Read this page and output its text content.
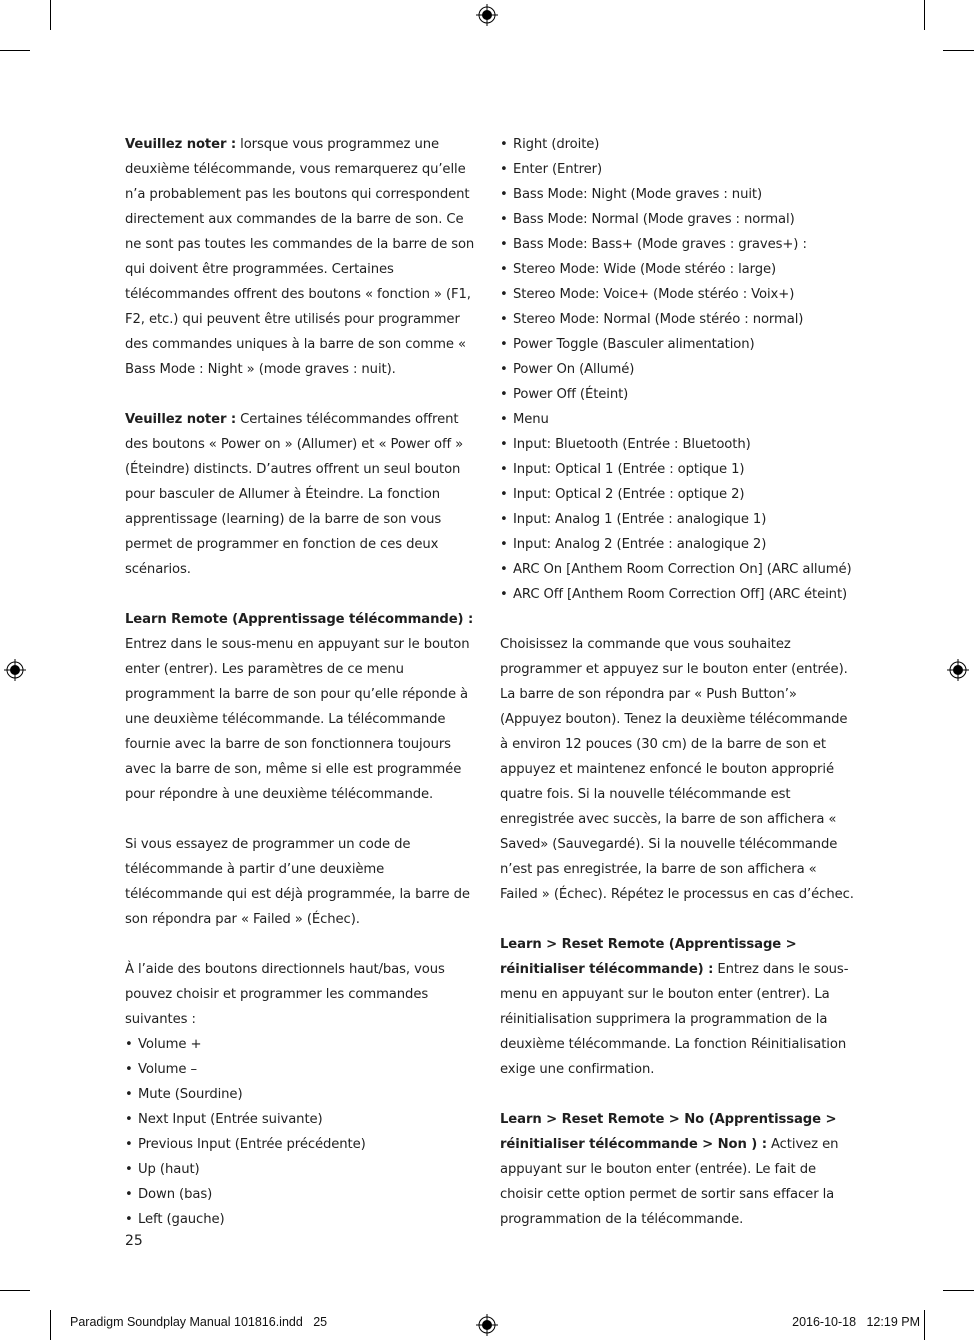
Veuillez noter : lorsque vous programmez une deuxième télécommande, vous remarquerez qu’elle n’a probablement pas les boutons qui correspondent directement aux commandes de la barre de son. Ce ne sont pas toutes les commandes de la barre de son qui doivent être programmées. Certaines télécommandes offrent des boutons « fonction » (F1, F2, etc.) qui peuvent être utilisés pour programmer des commandes uniques à la barre de son comme « Bass Mode : Night » (mode graves : nuit).

Veuillez noter : Certaines télécommandes offrent des boutons « Power on » (Allumer) et « Power off » (Éteindre) distincts. D’autres offrent un seul bouton pour basculer de Allumer à Éteindre. La fonction apprentissage (learning) de la barre de son vous permet de programmer en fonction de ces deux scénarios.

Learn Remote (Apprentissage télécommande) :
Entrez dans le sous-menu en appuyant sur le bouton enter (entrer). Les paramètres de ce menu programment la barre de son pour qu’elle réponde à une deuxième télécommande. La télécommande fournie avec la barre de son fonctionnera toujours avec la barre de son, même si elle est programmée pour répondre à une deuxième télécommande.

Si vous essayez de programmer un code de télécommande à partir d’une deuxième télécommande qui est déjà programmée, la barre de son répondra par « Failed » (Échec).

À l’aide des boutons directionnels haut/bas, vous pouvez choisir et programmer les commandes suivantes :

• Volume +
• Volume –
• Mute (Sourdine)
• Next Input (Entrée suivante)
• Previous Input (Entrée précédente)
• Up (haut)
• Down (bas)
• Left (gauche)
• Right (droite)
• Enter (Entrer)
• Bass Mode: Night (Mode graves : nuit)
• Bass Mode: Normal (Mode graves : normal)
• Bass Mode: Bass+ (Mode graves : graves+) :
• Stereo Mode: Wide (Mode stéréo : large)
• Stereo Mode: Voice+ (Mode stéréo : Voix+)
• Stereo Mode: Normal (Mode stéréo : normal)
• Power Toggle (Basculer alimentation)
• Power On (Allumé)
• Power Off (Éteint)
• Menu
• Input: Bluetooth (Entrée : Bluetooth)
• Input: Optical 1 (Entrée : optique 1)
• Input: Optical 2 (Entrée : optique 2)
• Input: Analog 1 (Entrée : analogique 1)
• Input: Analog 2 (Entrée : analogique 2)
• ARC On [Anthem Room Correction On] (ARC allumé)
• ARC Off [Anthem Room Correction Off] (ARC éteint)

Choisissez la commande que vous souhaitez programmer et appuyez sur le bouton enter (entrée). La barre de son répondra par « Push Button’» (Appuyez bouton). Tenez la deuxième télécommande à environ 12 pouces (30 cm) de la barre de son et appuyez et maintenez enfoncé le bouton approprié quatre fois. Si la nouvelle télécommande est enregistrée avec succès, la barre de son affichera « Saved» (Sauvegardé). Si la nouvelle télécommande n’est pas enregistrée, la barre de son affichera « Failed » (Échec). Répétez le processus en cas d’échec.

Learn > Reset Remote (Apprentissage > réinitialiser télécommande) : Entrez dans le sous-menu en appuyant sur le bouton enter (entrer). La réinitialisation supprimera la programmation de la deuxième télécommande. La fonction Réinitialisation exige une confirmation.

Learn > Reset Remote > No (Apprentissage > réinitialiser télécommande > Non ) : Activez en appuyant sur le bouton enter (entrée). Le fait de choisir cette option permet de sortir sans effacer la programmation de la télécommande.

25
Paradigm Soundplay Manual 101816.indd   25	2016-10-18   12:19 PM
